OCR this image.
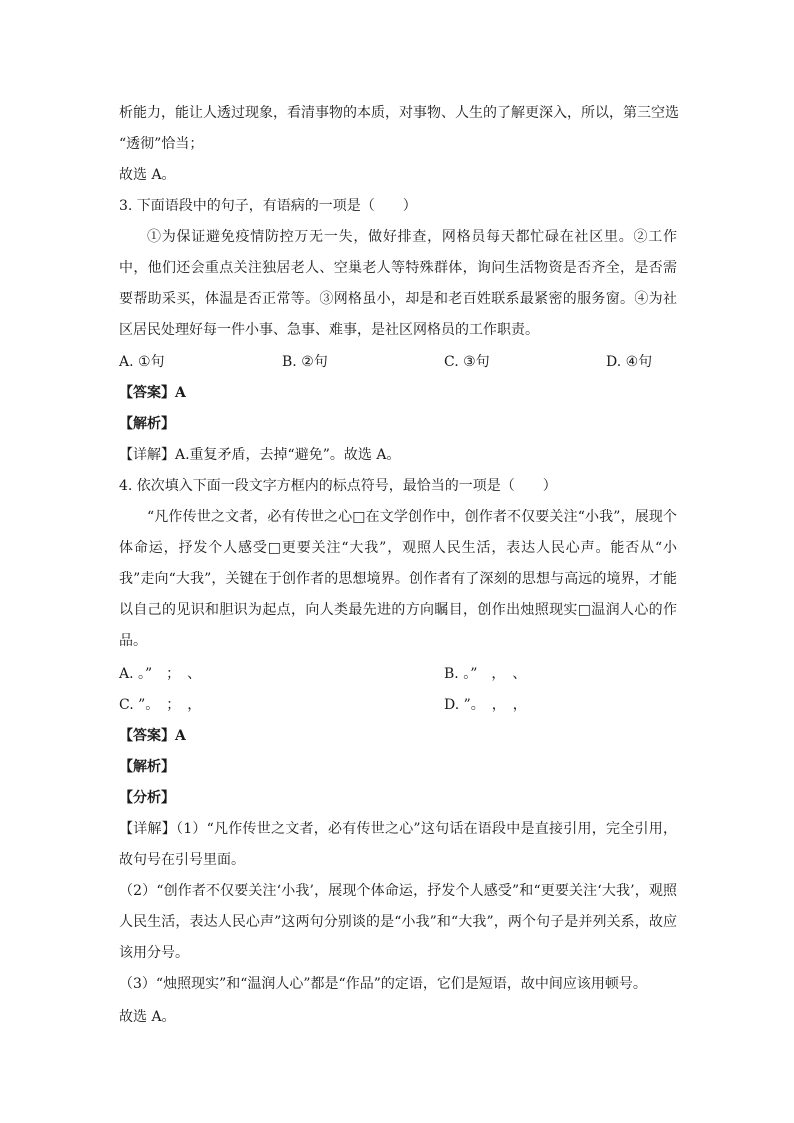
析能力，能让人透过现象，看清事物的本质，对事物、人生的了解更深入，所以，第三空选
“透彻”恰当；
故选 A。
3. 下面语段中的句子，有语病的一项是（　　）
①为保证避免疫情防控万无一失，做好排查，网格员每天都忙碌在社区里。②工作中，他们还会重点关注独居老人、空巢老人等特殊群体，询问生活物资是否齐全，是否需要帮助采买，体温是否正常等。③网格虽小，却是和老百姓联系最紧密的服务窗。④为社区居民处理好每一件小事、急事、难事，是社区网格员的工作职责。
A. ①句	B. ②句	C. ③句	D. ④句
【答案】A
【解析】
【详解】A.重复矛盾，去掉“避免”。故选 A。
4. 依次填入下面一段文字方框内的标点符号，最恰当的一项是（　　）
“凡作传世之文者，必有传世之心□在文学创作中，创作者不仅要关注“小我”，展现个体命运，抒发个人感受□更要关注“大我”，观照人民生活，表达人民心声。能否从“小我”走向“大我”，关键在于创作者的思想境界。创作者有了深刻的思想与高远的境界，才能以自己的见识和胆识为起点，向人类最先进的方向瞩目，创作出烛照现实□温润人心的作品。
A. 。”　；　、	B. 。”　，　、
C. ”。　；　，	D. ”。　，　，
【答案】A
【解析】
【分析】
【详解】（1）“凡作传世之文者，必有传世之心”这句话在语段中是直接引用，完全引用，故句号在引号里面。
（2）“创作者不仅要关注‘小我’，展现个体命运，抒发个人感受”和“更要关注‘大我’，观照人民生活，表达人民心声”这两句分别谈的是“小我”和“大我”，两个句子是并列关系，故应该用分号。
（3）“烛照现实”和“温润人心”都是“作品”的定语，它们是短语，故中间应该用顿号。
故选 A。
